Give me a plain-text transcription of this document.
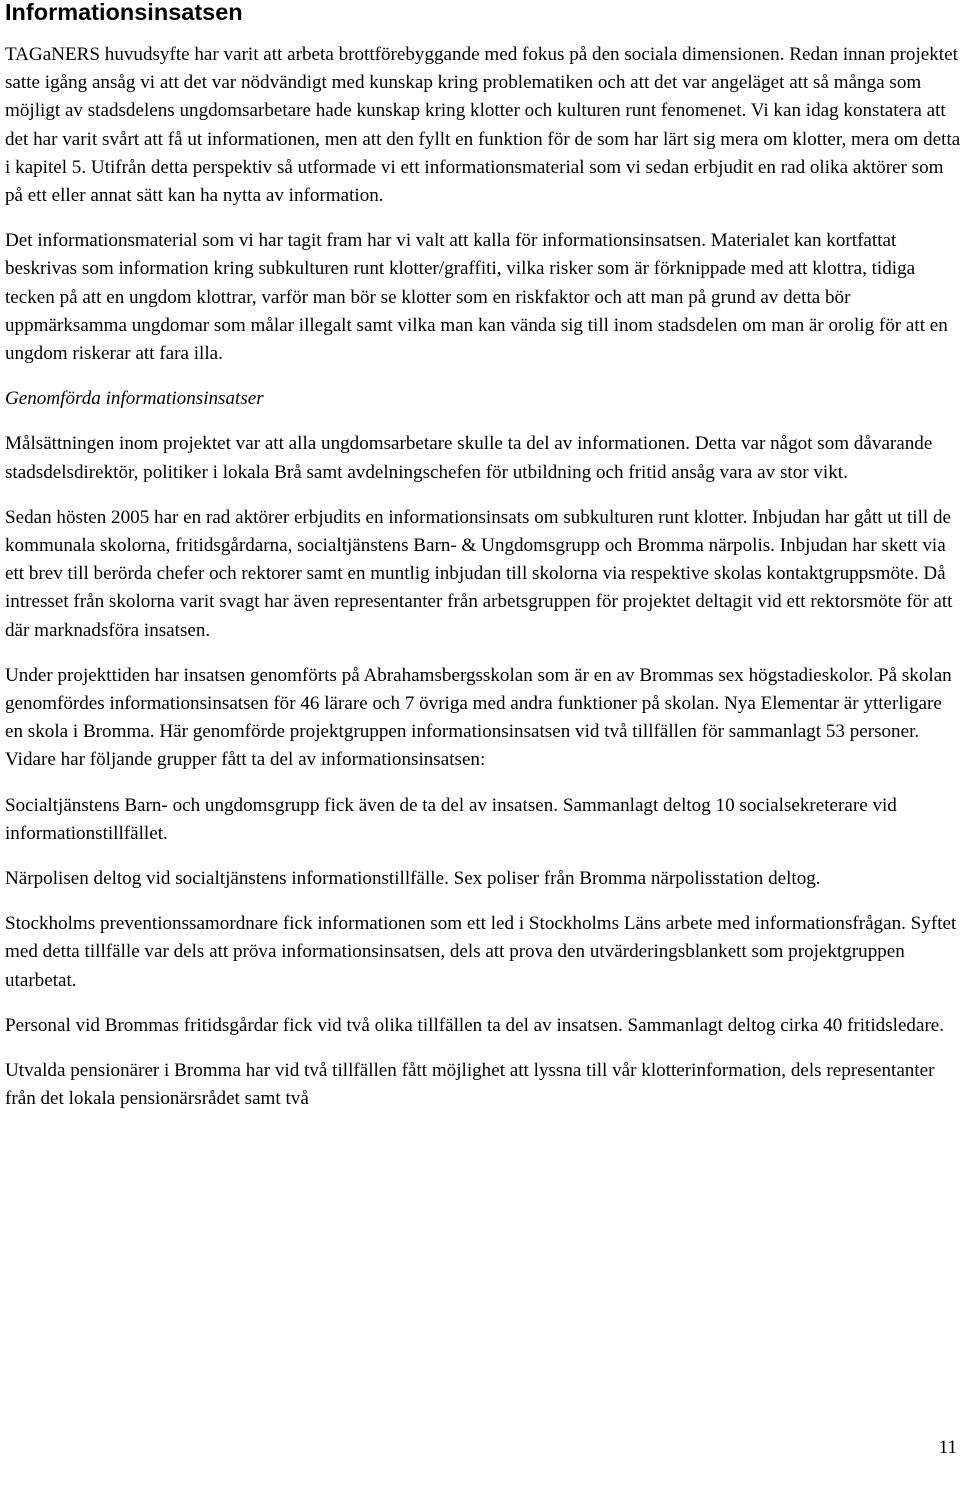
Informationsinsatsen

TAGaNERS huvudsyfte har varit att arbeta brottförebyggande med fokus på den sociala dimensionen. Redan innan projektet satte igång ansåg vi att det var nödvändigt med kunskap kring problematiken och att det var angeläget att så många som möjligt av stadsdelens ungdomsarbetare hade kunskap kring klotter och kulturen runt fenomenet. Vi kan idag konstatera att det har varit svårt att få ut informationen, men att den fyllt en funktion för de som har lärt sig mera om klotter, mera om detta i kapitel 5. Utifrån detta perspektiv så utformade vi ett informationsmaterial som vi sedan erbjudit en rad olika aktörer som på ett eller annat sätt kan ha nytta av information.

Det informationsmaterial som vi har tagit fram har vi valt att kalla för informationsinsatsen. Materialet kan kortfattat beskrivas som information kring subkulturen runt klotter/graffiti, vilka risker som är förknippade med att klottra, tidiga tecken på att en ungdom klottrar, varför man bör se klotter som en riskfaktor och att man på grund av detta bör uppmärksamma ungdomar som målar illegalt samt vilka man kan vända sig till inom stadsdelen om man är orolig för att en ungdom riskerar att fara illa.

Genomförda informationsinsatser

Målsättningen inom projektet var att alla ungdomsarbetare skulle ta del av informationen. Detta var något som dåvarande stadsdelsdirektör, politiker i lokala Brå samt avdelningschefen för utbildning och fritid ansåg vara av stor vikt.

Sedan hösten 2005 har en rad aktörer erbjudits en informationsinsats om subkulturen runt klotter. Inbjudan har gått ut till de kommunala skolorna, fritidsgårdarna, socialtjänstens Barn- & Ungdomsgrupp och Bromma närpolis. Inbjudan har skett via ett brev till berörda chefer och rektorer samt en muntlig inbjudan till skolorna via respektive skolas kontaktgruppsmöte. Då intresset från skolorna varit svagt har även representanter från arbetsgruppen för projektet deltagit vid ett rektorsmöte för att där marknadsföra insatsen.

Under projekttiden har insatsen genomförts på Abrahamsbergsskolan som är en av Brommas sex högstadieskolor. På skolan genomfördes informationsinsatsen för 46 lärare och 7 övriga med andra funktioner på skolan. Nya Elementar är ytterligare en skola i Bromma. Här genomförde projektgruppen informationsinsatsen vid två tillfällen för sammanlagt 53 personer. Vidare har följande grupper fått ta del av informationsinsatsen:

Socialtjänstens Barn- och ungdomsgrupp fick även de ta del av insatsen. Sammanlagt deltog 10 socialsekreterare vid informationstillfället.

Närpolisen deltog vid socialtjänstens informationstillfälle. Sex poliser från Bromma närpolisstation deltog.

Stockholms preventionssamordnare fick informationen som ett led i Stockholms Läns arbete med informationsfrågan. Syftet med detta tillfälle var dels att pröva informationsinsatsen, dels att prova den utvärderingsblankett som projektgruppen utarbetat.

Personal vid Brommas fritidsgårdar fick vid två olika tillfällen ta del av insatsen. Sammanlagt deltog cirka 40 fritidsledare.

Utvalda pensionärer i Bromma har vid två tillfällen fått möjlighet att lyssna till vår klotterinformation, dels representanter från det lokala pensionärsrådet samt två

11
